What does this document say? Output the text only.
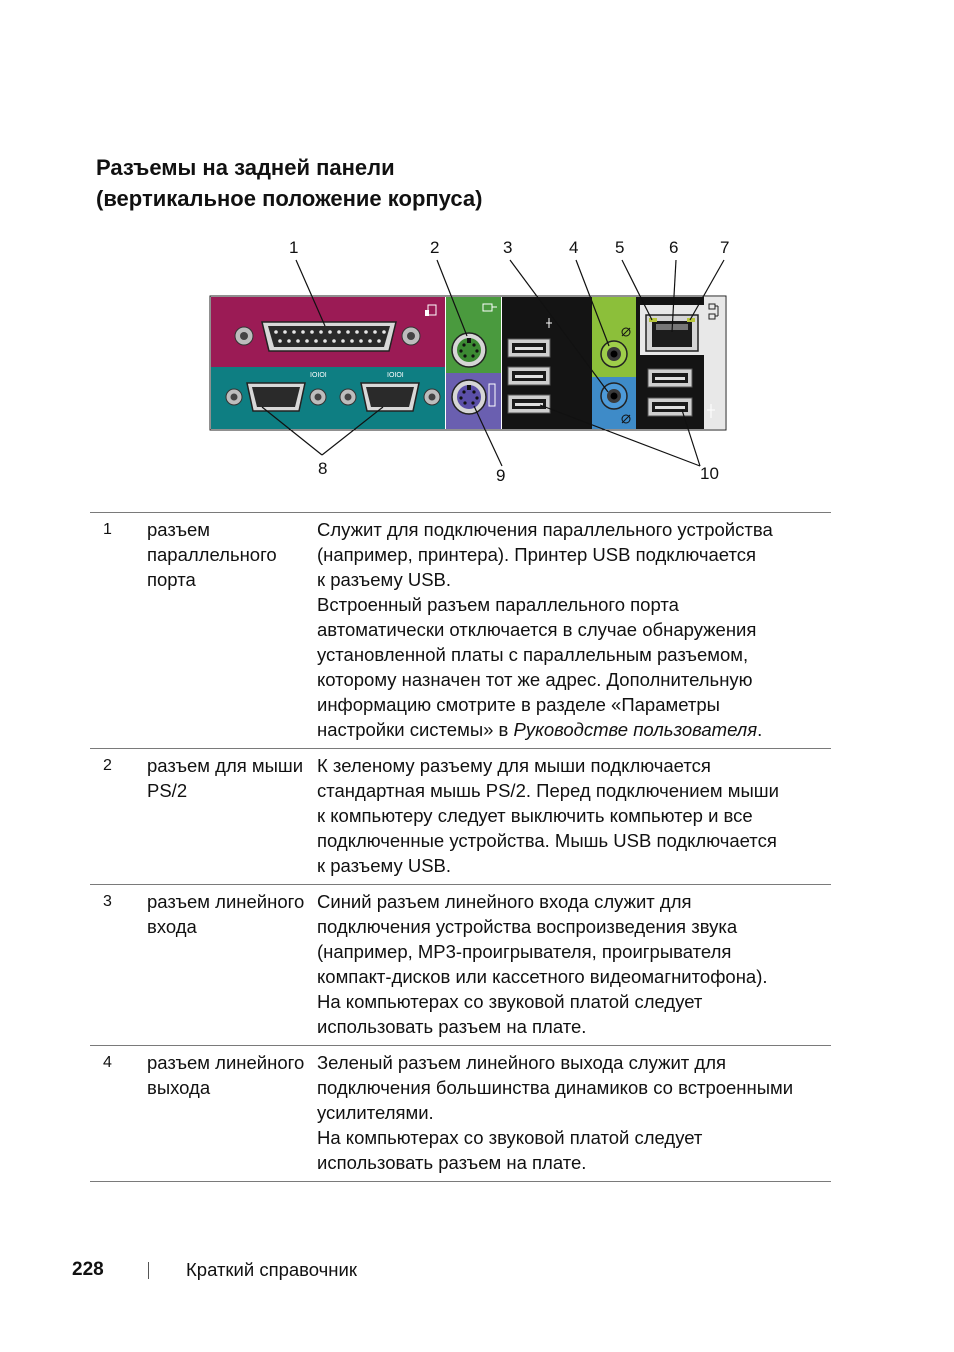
Разъемы на задней панели
(вертикальное положение корпуса)
IOIOI	IOIOI
1	2	3	4 5	6 7
8	9	10
1	разъем параллельного порта
Служит для подключения параллельного устройства
(например, принтера). Принтер USB подключается
к разъему USB.
Встроенный разъем параллельного порта
автоматически отключается в случае обнаружения
установленной платы с параллельным разъемом,
которому назначен тот же адрес. Дополнительную
информацию смотрите в разделе «Параметры
настройки системы» в Руководстве пользователя.
2	разъем для мыши PS/2
К зеленому разъему для мыши подключается
стандартная мышь PS/2. Перед подключением мыши
к компьютеру следует выключить компьютер и все
подключенные устройства. Мышь USB подключается
к разъему USB.
3	разъем линейного входа
Синий разъем линейного входа служит для
подключения устройства воспроизведения звука
(например, MP3-проигрывателя, проигрывателя
компакт-дисков или кассетного видеомагнитофона).
На компьютерах со звуковой платой следует
использовать разъем на плате.
4	разъем линейного выхода
Зеленый разъем линейного выхода служит для
подключения большинства динамиков со встроенными
усилителями.
На компьютерах со звуковой платой следует
использовать разъем на плате.
228	Краткий справочник
